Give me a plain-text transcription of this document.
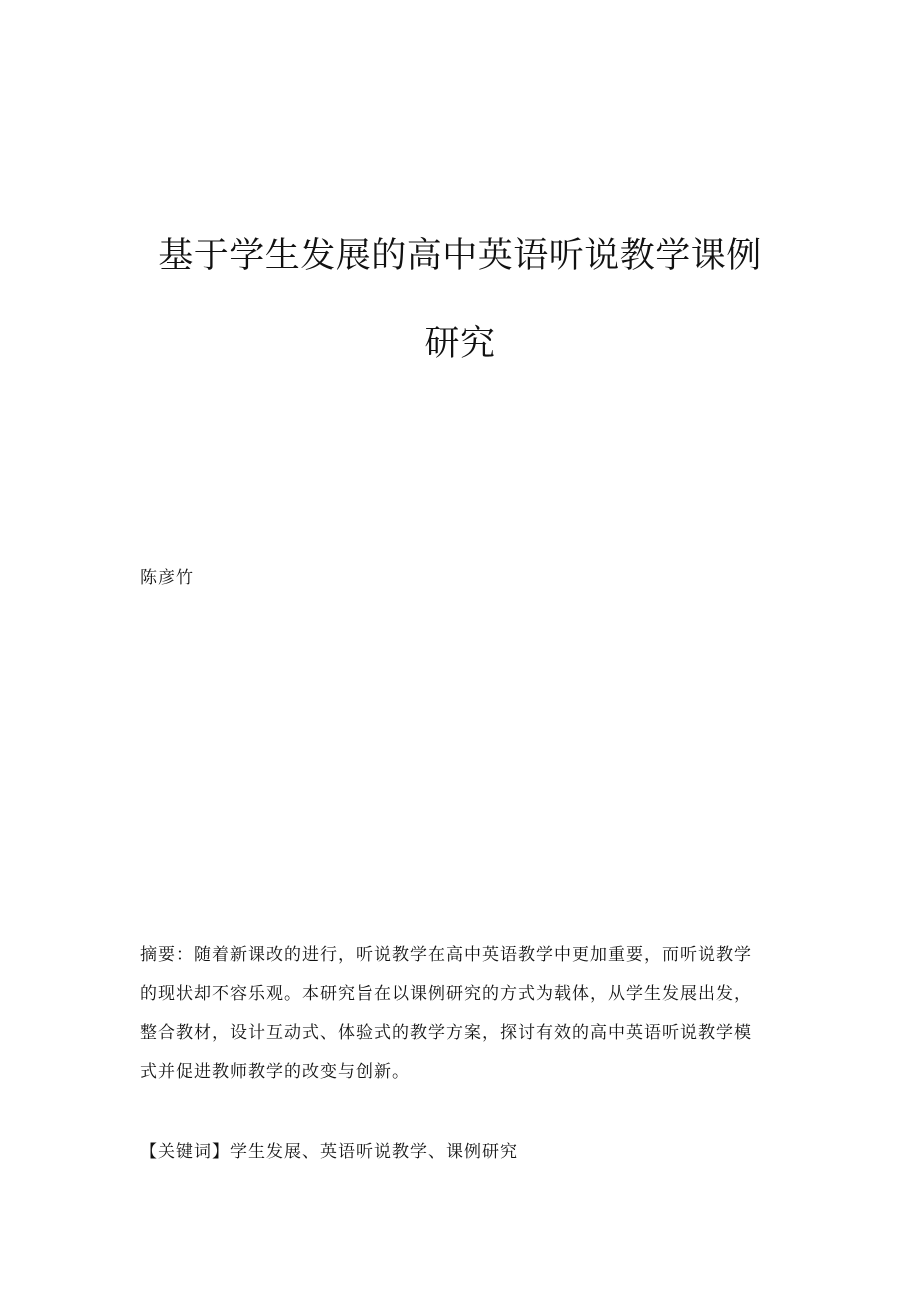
基于学生发展的高中英语听说教学课例
研究

陈彦竹

摘要：随着新课改的进行，听说教学在高中英语教学中更加重要，而听说教学
的现状却不容乐观。本研究旨在以课例研究的方式为载体，从学生发展出发，
整合教材，设计互动式、体验式的教学方案，探讨有效的高中英语听说教学模
式并促进教师教学的改变与创新。

【关键词】学生发展、英语听说教学、课例研究
